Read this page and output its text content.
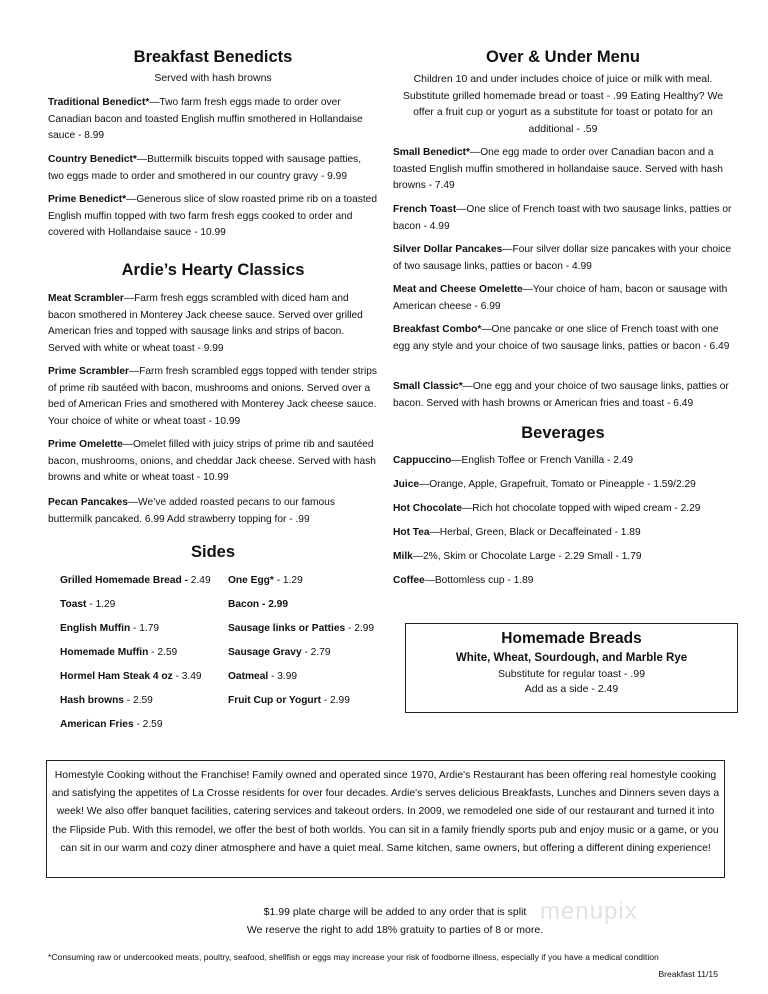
Breakfast Benedicts
Served with hash browns
Traditional Benedict*—Two farm fresh eggs made to order over Canadian bacon and toasted English muffin smothered in Hollandaise sauce - 8.99
Country Benedict*—Buttermilk biscuits topped with sausage patties, two eggs made to order and smothered in our country gravy - 9.99
Prime Benedict*—Generous slice of slow roasted prime rib on a toasted English muffin topped with two farm fresh eggs cooked to order and covered with Hollandaise sauce - 10.99
Ardie’s Hearty Classics
Meat Scrambler—Farm fresh eggs scrambled with diced ham and bacon smothered in Monterey Jack cheese sauce. Served over grilled American fries and topped with sausage links and strips of bacon. Served with white or wheat toast - 9.99
Prime Scrambler—Farm fresh scrambled eggs topped with tender strips of prime rib sautéed with bacon, mushrooms and onions. Served over a bed of American Fries and smothered with Monterey Jack cheese sauce. Your choice of white or wheat toast - 10.99
Prime Omelette—Omelet filled with juicy strips of prime rib and sautéed bacon, mushrooms, onions, and cheddar Jack cheese. Served with hash browns and white or wheat toast - 10.99
Pecan Pancakes—We’ve added roasted pecans to our famous buttermilk pancaked. 6.99 Add strawberry topping for - .99
Sides
Grilled Homemade Bread - 2.49
Toast - 1.29
English Muffin - 1.79
Homemade Muffin - 2.59
Hormel Ham Steak 4 oz - 3.49
Hash browns - 2.59
American Fries - 2.59
One Egg* - 1.29
Bacon - 2.99
Sausage links or Patties - 2.99
Sausage Gravy - 2.79
Oatmeal - 3.99
Fruit Cup or Yogurt - 2.99
Over & Under Menu
Children 10 and under includes choice of juice or milk with meal. Substitute grilled homemade bread or toast - .99 Eating Healthy? We offer a fruit cup or yogurt as a substitute for toast or potato for an additional - .59
Small Benedict*—One egg made to order over Canadian bacon and a toasted English muffin smothered in hollandaise sauce. Served with hash browns - 7.49
French Toast—One slice of French toast with two sausage links, patties or bacon - 4.99
Silver Dollar Pancakes—Four silver dollar size pancakes with your choice of two sausage links, patties or bacon - 4.99
Meat and Cheese Omelette—Your choice of ham, bacon or sausage with American cheese - 6.99
Breakfast Combo*—One pancake or one slice of French toast with one egg any style and your choice of two sausage links, patties or bacon - 6.49
Small Classic*—One egg and your choice of two sausage links, patties or bacon. Served with hash browns or American fries and toast - 6.49
Beverages
Cappuccino—English Toffee or French Vanilla - 2.49
Juice—Orange, Apple, Grapefruit, Tomato or Pineapple - 1.59/2.29
Hot Chocolate—Rich hot chocolate topped with wiped cream - 2.29
Hot Tea—Herbal, Green, Black or Decaffeinated - 1.89
Milk—2%, Skim or Chocolate Large - 2.29 Small - 1.79
Coffee—Bottomless cup - 1.89
Homemade Breads
White, Wheat, Sourdough, and Marble Rye
Substitute for regular toast - .99
Add as a side - 2.49
Homestyle Cooking without the Franchise! Family owned and operated since 1970, Ardie's Restaurant has been offering real homestyle cooking and satisfying the appetites of La Crosse residents for over four decades. Ardie's serves delicious Breakfasts, Lunches and Dinners seven days a week! We also offer banquet facilities, catering services and takeout orders. In 2009, we remodeled one side of our restaurant and turned it into the Flipside Pub. With this remodel, we offer the best of both worlds. You can sit in a family friendly sports pub and enjoy music or a game, or you can sit in our warm and cozy diner atmosphere and have a quiet meal. Same kitchen, same owners, but offering a different dining experience!
$1.99 plate charge will be added to any order that is split
We reserve the right to add 18% gratuity to parties of 8 or more.
menupix
*Consuming raw or undercooked meats, poultry, seafood, shellfish or eggs may increase your risk of foodborne illness, especially if you have a medical condition
Breakfast 11/15
